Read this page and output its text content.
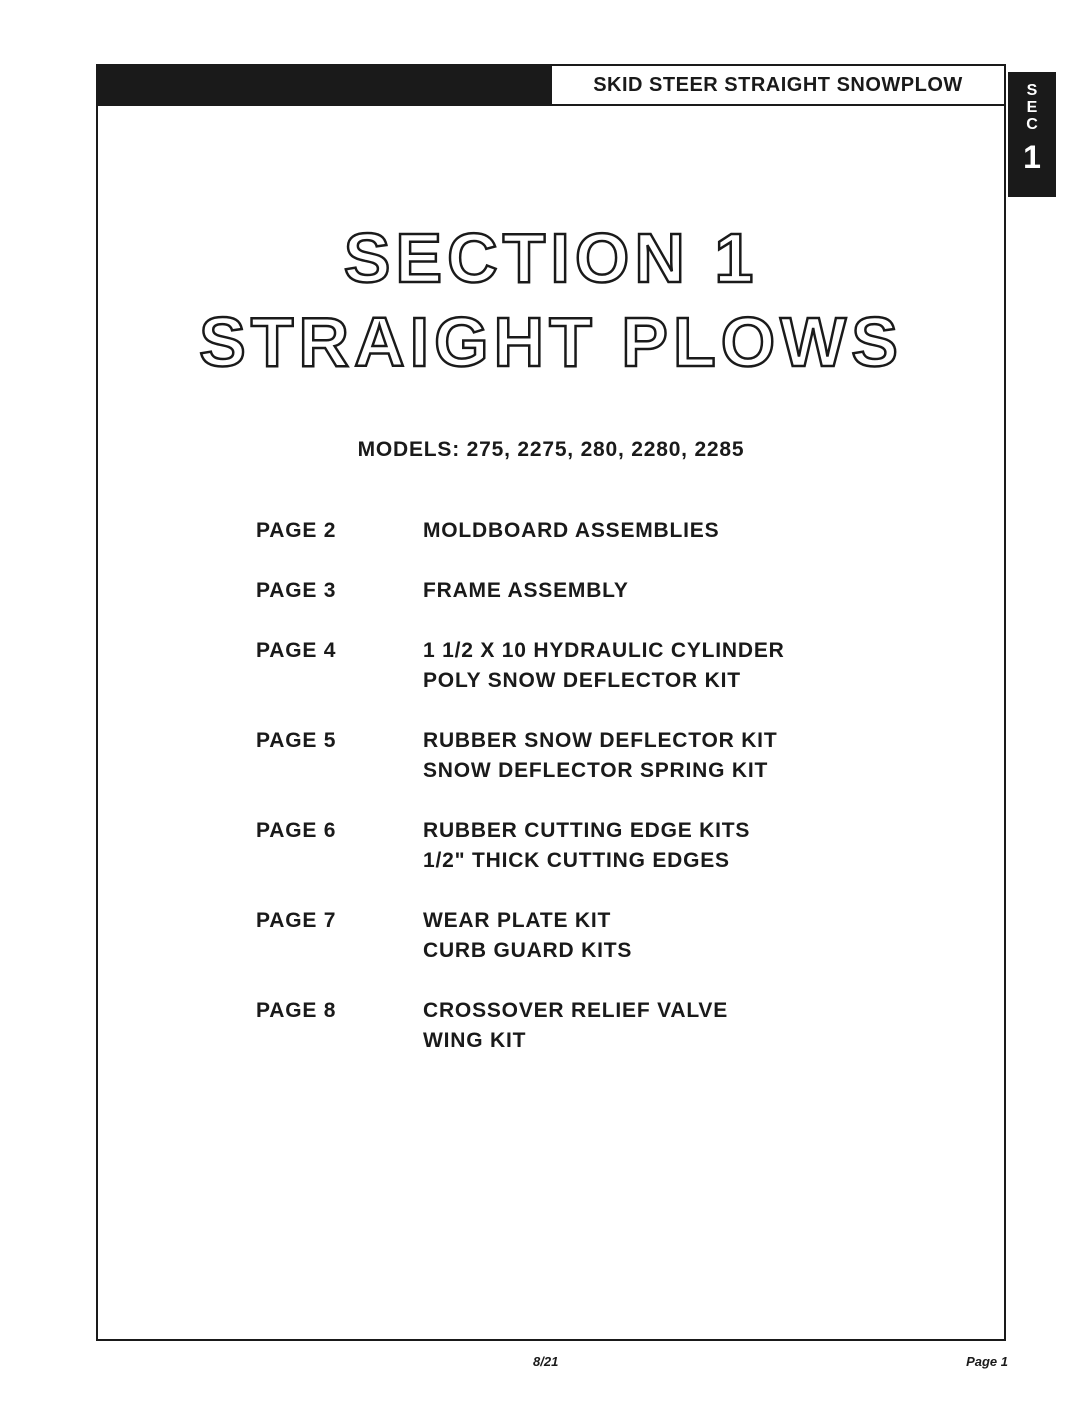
SKID STEER STRAIGHT SNOWPLOW	S
E
C
1
SECTION 1
STRAIGHT PLOWS
MODELS: 275, 2275, 280, 2280, 2285
PAGE 2	MOLDBOARD ASSEMBLIES
PAGE 3	FRAME ASSEMBLY
PAGE 4	1 1/2 X 10 HYDRAULIC CYLINDER
POLY SNOW DEFLECTOR KIT
PAGE 5	RUBBER SNOW DEFLECTOR KIT
SNOW DEFLECTOR SPRING KIT
PAGE 6	RUBBER CUTTING EDGE KITS
1/2" THICK CUTTING EDGES
PAGE 7	WEAR PLATE KIT
CURB GUARD KITS
PAGE 8	CROSSOVER RELIEF VALVE
WING KIT
8/21	Page 1
